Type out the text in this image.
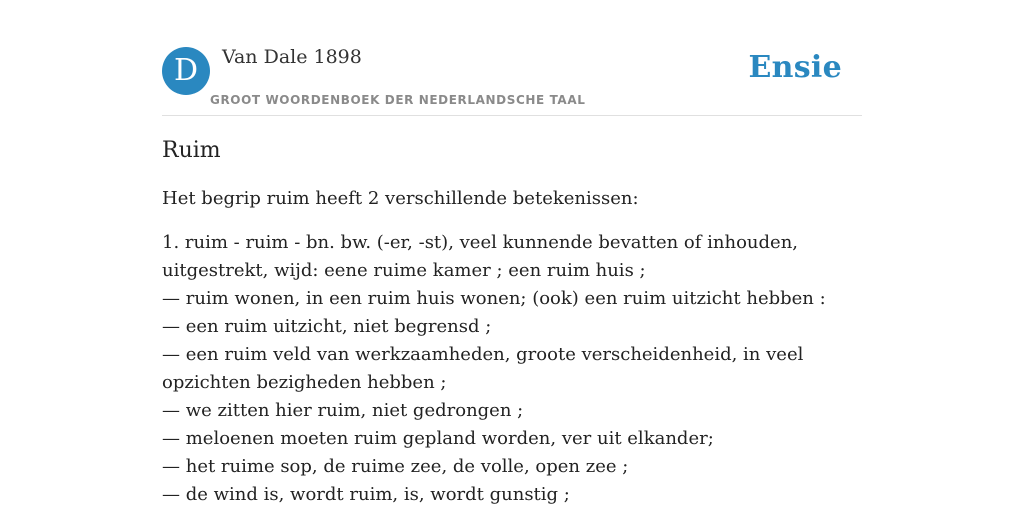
D	Van Dale 1898
GROOT WOORDENBOEK DER NEDERLANDSCHE TAAL
Ensie
Ruim

Het begrip ruim heeft 2 verschillende betekenissen:

1. ruim - ruim - bn. bw. (-er, -st), veel kunnende bevatten of inhouden, uitgestrekt, wijd: eene ruime kamer ; een ruim huis ;
— ruim wonen, in een ruim huis wonen; (ook) een ruim uitzicht hebben :
— een ruim uitzicht, niet begrensd ;
— een ruim veld van werkzaamheden, groote verscheidenheid, in veel opzichten bezigheden hebben ;
— we zitten hier ruim, niet gedrongen ;
— meloenen moeten ruim gepland worden, ver uit elkander;
— het ruime sop, de ruime zee, de volle, open zee ;
— de wind is, wordt ruim, is, wordt gunstig ;
